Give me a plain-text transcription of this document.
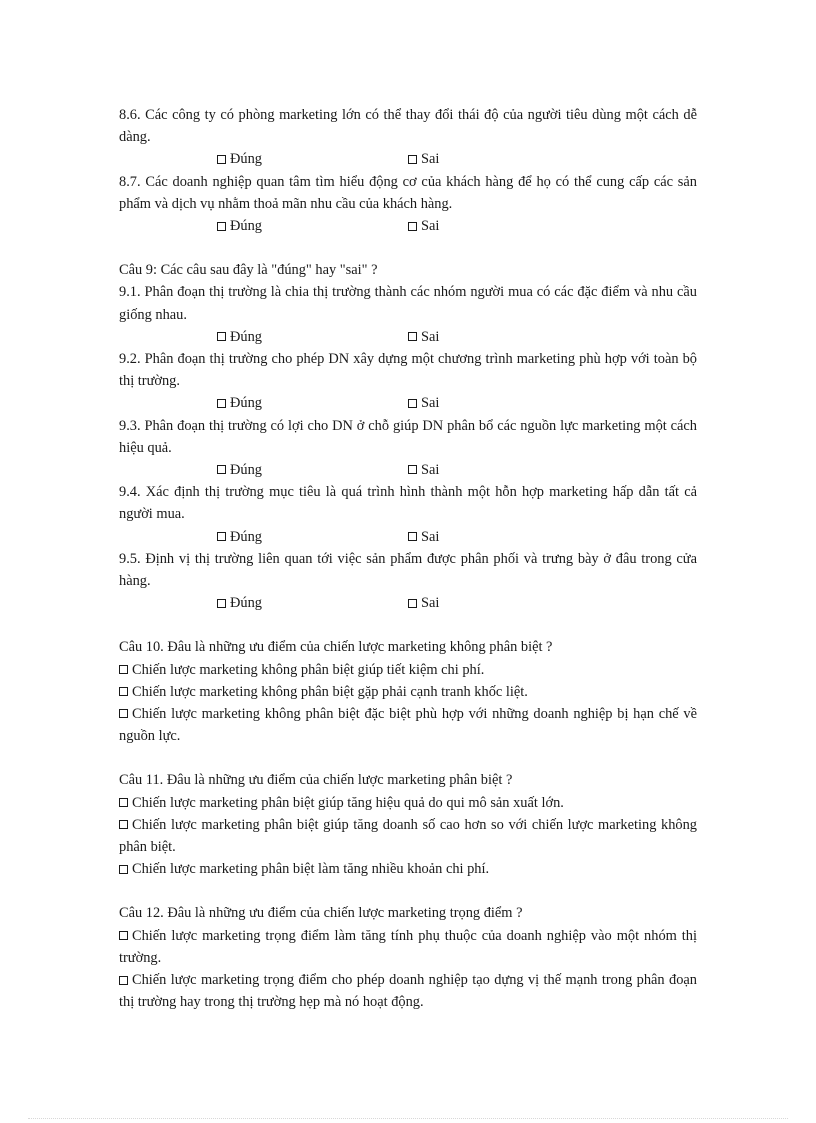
8.6. Các công ty có phòng marketing lớn có thể thay đổi thái độ của người tiêu dùng một cách dễ dàng.

Đúng	Sai

8.7. Các doanh nghiệp quan tâm tìm hiểu động cơ của khách hàng để họ có thể cung cấp các sản phẩm và dịch vụ nhằm thoả mãn nhu cầu của khách hàng.

Đúng	Sai

Câu 9: Các câu sau đây là "đúng" hay "sai" ?

9.1. Phân đoạn thị trường là chia thị trường thành các nhóm người mua có các đặc điểm và nhu cầu giống nhau.

Đúng	Sai

9.2. Phân đoạn thị trường cho phép DN xây dựng một chương trình marketing phù hợp với toàn bộ thị trường.

Đúng	Sai

9.3. Phân đoạn thị trường có lợi cho DN ở chỗ giúp DN phân bổ các nguồn lực marketing một cách hiệu quả.

Đúng	Sai

9.4. Xác định thị trường mục tiêu là quá trình hình thành một hỗn hợp marketing hấp dẫn tất cả người mua.

Đúng	Sai

9.5. Định vị thị trường liên quan tới việc sản phẩm được phân phối và trưng bày ở đâu trong cửa hàng.

Đúng	Sai

Câu 10. Đâu là những ưu điểm của chiến lược marketing không phân biệt ?

Chiến lược marketing không phân biệt giúp tiết kiệm chi phí.

Chiến lược marketing không phân biệt gặp phải cạnh tranh khốc liệt.

Chiến lược marketing không phân biệt đặc biệt phù hợp với những doanh nghiệp bị hạn chế về nguồn lực.

Câu 11. Đâu là những ưu điểm của chiến lược marketing phân biệt ?

Chiến lược marketing phân biệt giúp tăng hiệu quả do qui mô sản xuất lớn.

Chiến lược marketing phân biệt giúp tăng doanh số cao hơn so với chiến lược marketing không phân biệt.

Chiến lược marketing phân biệt làm tăng nhiều khoản chi phí.

Câu 12. Đâu là những ưu điểm của chiến lược marketing trọng điểm ?

Chiến lược marketing trọng điểm làm tăng tính phụ thuộc của doanh nghiệp vào một nhóm thị trường.

Chiến lược marketing trọng điểm cho phép doanh nghiệp tạo dựng vị thế mạnh trong phân đoạn thị trường hay trong thị trường hẹp mà nó hoạt động.
